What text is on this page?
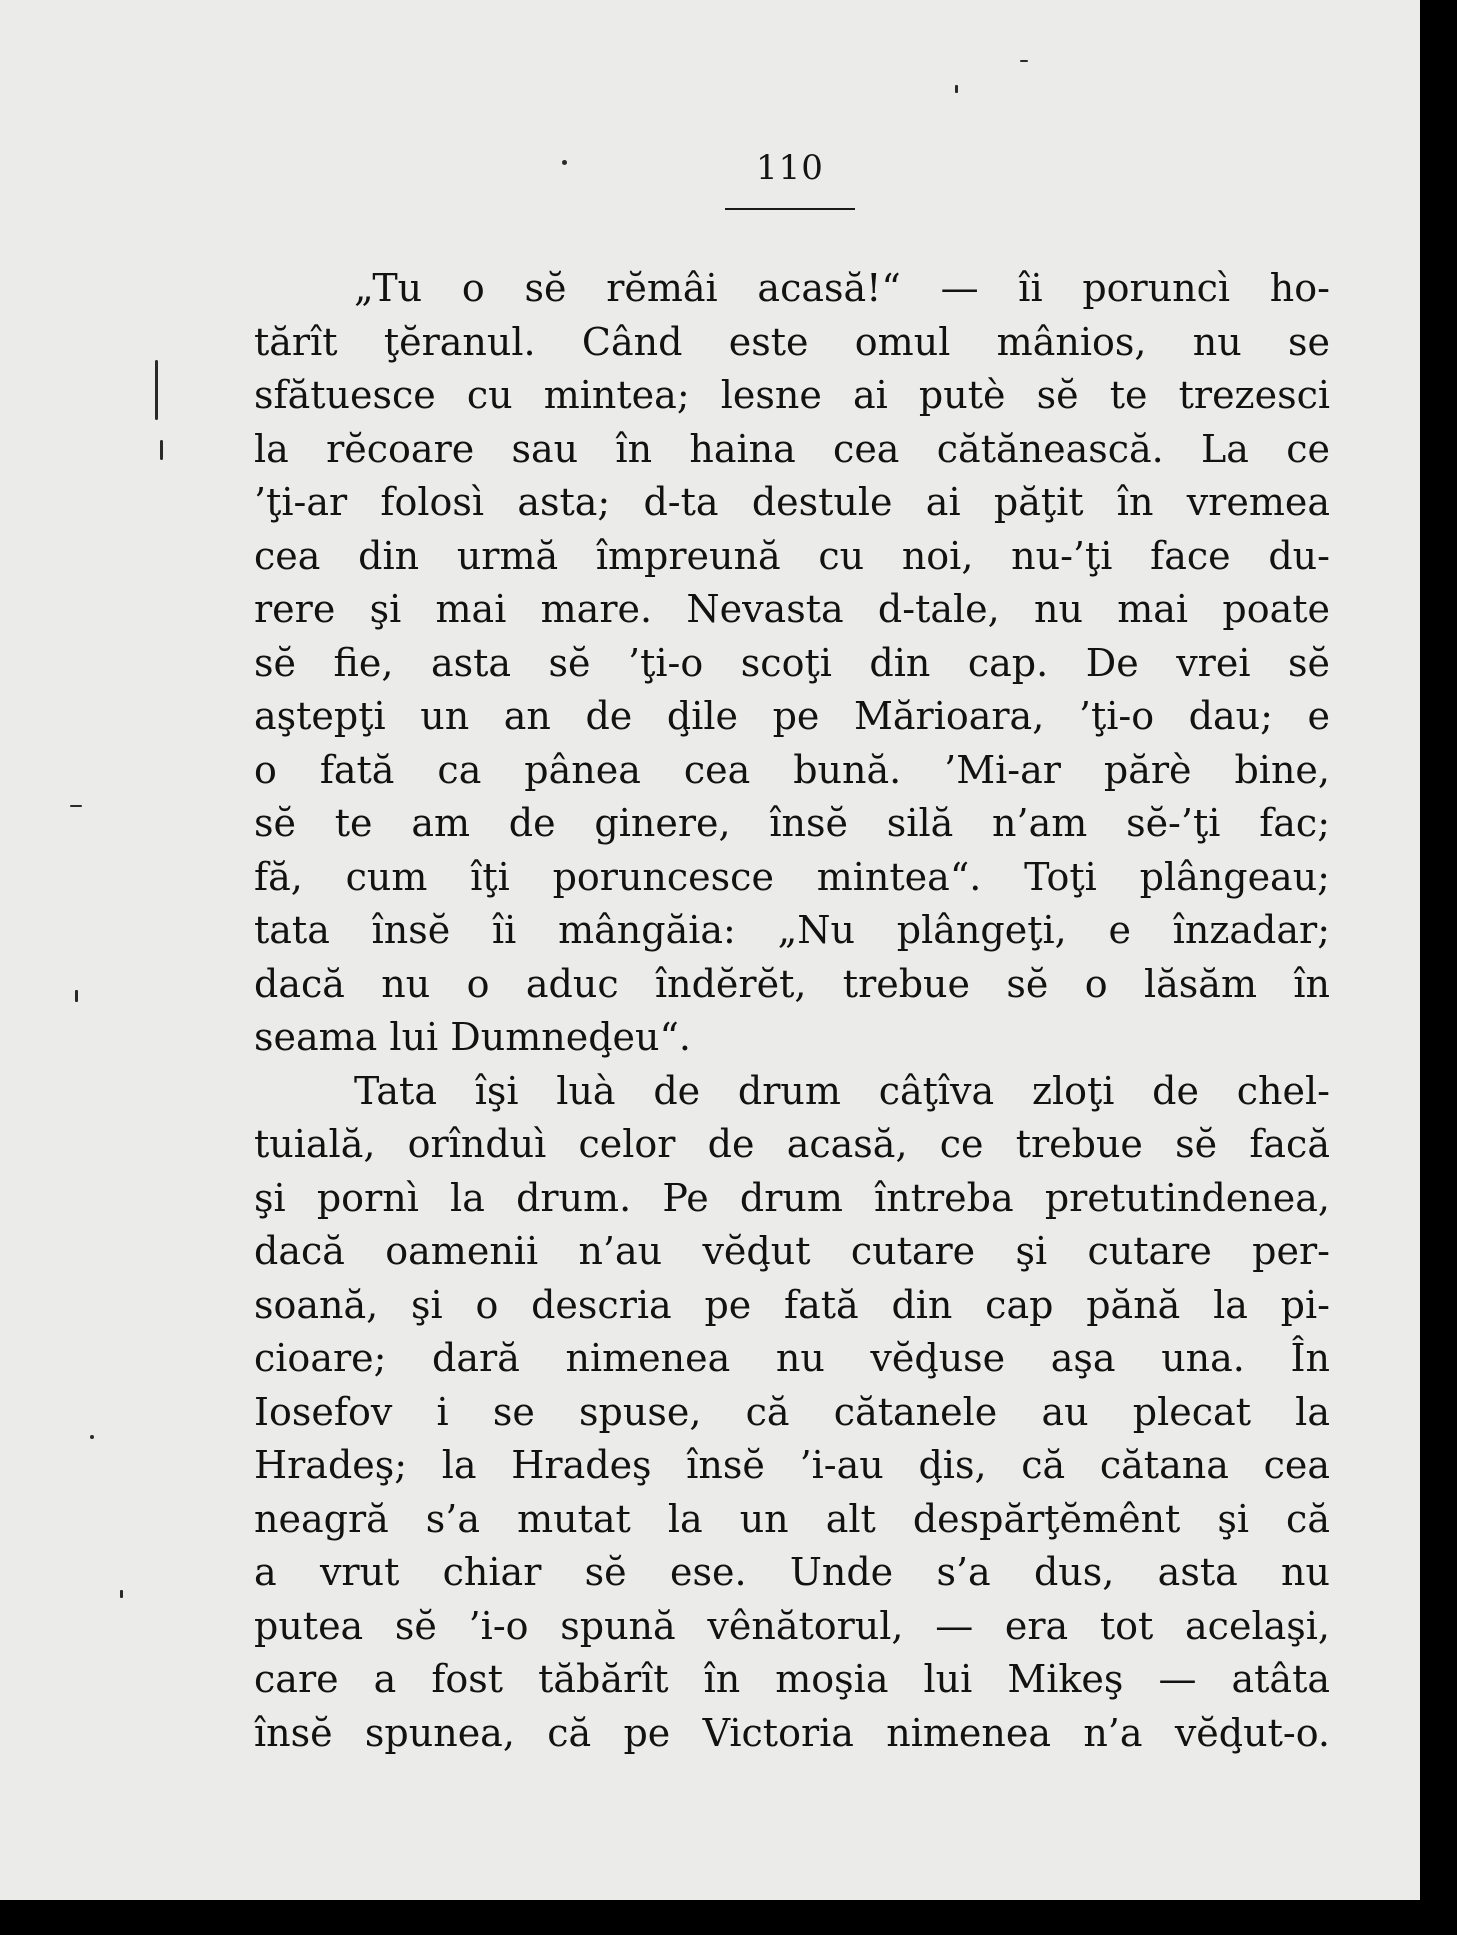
110
„Tu o sĕ rĕmâi acasă!“ — îi poruncì ho-
tărît ţĕranul. Când este omul mânios, nu se
sfătuesce cu mintea; lesne ai putè sĕ te trezesci
la rĕcoare sau în haina cea cătănească. La ce
’ţi-ar folosì asta; d-ta destule ai păţit în vremea
cea din urmă împreună cu noi, nu-’ţi face du-
rere şi mai mare. Nevasta d-tale, nu mai poate
sĕ fie, asta sĕ ’ţi-o scoţi din cap. De vrei sĕ
aştepţi un an de ḑile pe Mărioara, ’ţi-o dau; e
o fată ca pânea cea bună. ’Mi-ar părè bine,
sĕ te am de ginere, însĕ silă n’am sĕ-’ţi fac;
fă, cum îţi poruncesce mintea“. Toţi plângeau;
tata însĕ îi mângăia: „Nu plângeţi, e înzadar;
dacă nu o aduc îndĕrĕt, trebue sĕ o lăsăm în
seama lui Dumneḑeu“.
Tata îşi luà de drum câţîva zloţi de chel-
tuială, orînduì celor de acasă, ce trebue sĕ facă
şi pornì la drum. Pe drum întreba pretutindenea,
dacă oamenii n’au vĕḑut cutare şi cutare per-
soană, şi o descria pe fată din cap pănă la pi-
cioare; dară nimenea nu vĕḑuse aşa una. În
Iosefov i se spuse, că cătanele au plecat la
Hradeş; la Hradeş însĕ ’i-au ḑis, că cătana cea
neagră s’a mutat la un alt despărţĕmênt şi că
a vrut chiar sĕ ese. Unde s’a dus, asta nu
putea sĕ ’i-o spună vênătorul, — era tot acelaşi,
care a fost tăbărît în moşia lui Mikeş — atâta
însĕ spunea, că pe Victoria nimenea n’a vĕḑut-o.
